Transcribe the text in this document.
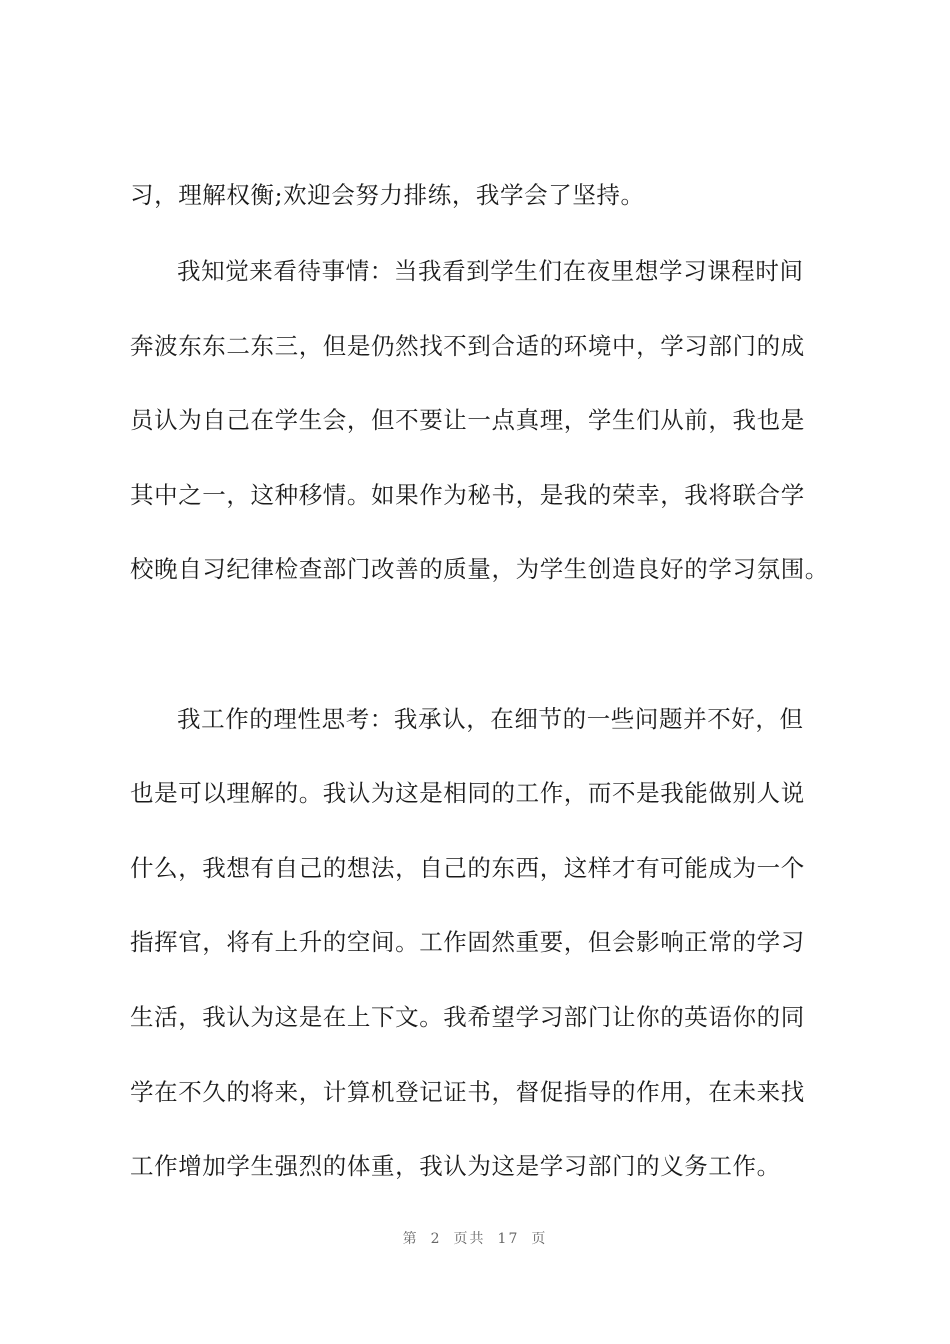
习，理解权衡;欢迎会努力排练，我学会了坚持。
我知觉来看待事情：当我看到学生们在夜里想学习课程时间
奔波东东二东三，但是仍然找不到合适的环境中，学习部门的成
员认为自己在学生会，但不要让一点真理，学生们从前，我也是
其中之一，这种移情。如果作为秘书，是我的荣幸，我将联合学
校晚自习纪律检查部门改善的质量，为学生创造良好的学习氛围。
我工作的理性思考：我承认，在细节的一些问题并不好，但
也是可以理解的。我认为这是相同的工作，而不是我能做别人说
什么，我想有自己的想法，自己的东西，这样才有可能成为一个
指挥官，将有上升的空间。工作固然重要，但会影响正常的学习
生活，我认为这是在上下文。我希望学习部门让你的英语你的同
学在不久的将来，计算机登记证书，督促指导的作用，在未来找
工作增加学生强烈的体重，我认为这是学习部门的义务工作。
第 2 页共 17 页
